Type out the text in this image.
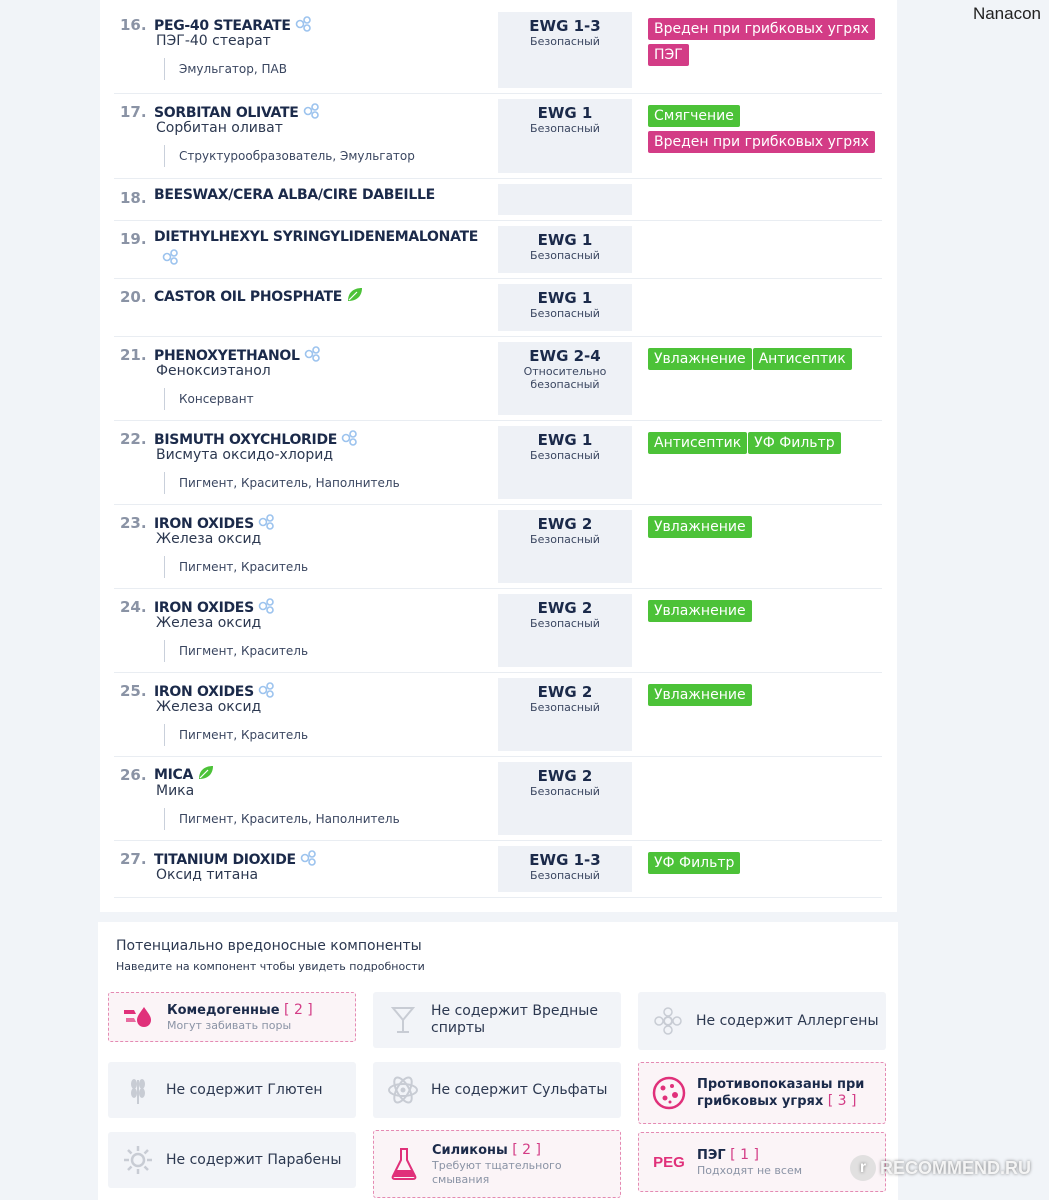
16. PEG-40 STEARATE
ПЭГ-40 стеарат
Эмульгатор, ПАВ
EWG 1-3
Безопасный
Вреден при грибковых угрях
ПЭГ

17. SORBITAN OLIVATE
Сорбитан оливат
Структурообразователь, Эмульгатор
EWG 1
Безопасный
Смягчение
Вреден при грибковых угрях

18. BEESWAX/CERA ALBA/CIRE DABEILLE
19. DIETHYLHEXYL SYRINGYLIDENEMALONATE	EWG 1
Безопасный
20. CASTOR OIL PHOSPHATE	EWG 1
Безопасный
21. PHENOXYETHANOL
Феноксиэтанол
Консервант
EWG 2-4
Относительно безопасный
Увлажнение Антисептик
22. BISMUTH OXYCHLORIDE
Висмута оксидо-хлорид
Пигмент, Краситель, Наполнитель
EWG 1
Безопасный
Антисептик УФ Фильтр
23. IRON OXIDES
Железа оксид
Пигмент, Краситель
EWG 2
Безопасный
Увлажнение
24. IRON OXIDES
Железа оксид
Пигмент, Краситель
EWG 2
Безопасный
Увлажнение
25. IRON OXIDES
Железа оксид
Пигмент, Краситель
EWG 2
Безопасный
Увлажнение
26. MICA
Мика
Пигмент, Краситель, Наполнитель
EWG 2
Безопасный
27. TITANIUM DIOXIDE
Оксид титана
EWG 1-3
Безопасный
УФ Фильтр
Потенциально вредоносные компоненты
Наведите на компонент чтобы увидеть подробности
Комедогенные [ 2 ]
Могут забивать поры
Не содержит Вредные спирты	Не содержит Аллергены
Не содержит Глютен	Не содержит Сульфаты	Противопоказаны при грибковых угрях [ 3 ]
Не содержит Парабены
Силиконы [ 2 ]
Требуют тщательного смывания
PEG ПЭГ [ 1 ]
Подходят не всем
Nanacon
r RECOMMEND.RU
